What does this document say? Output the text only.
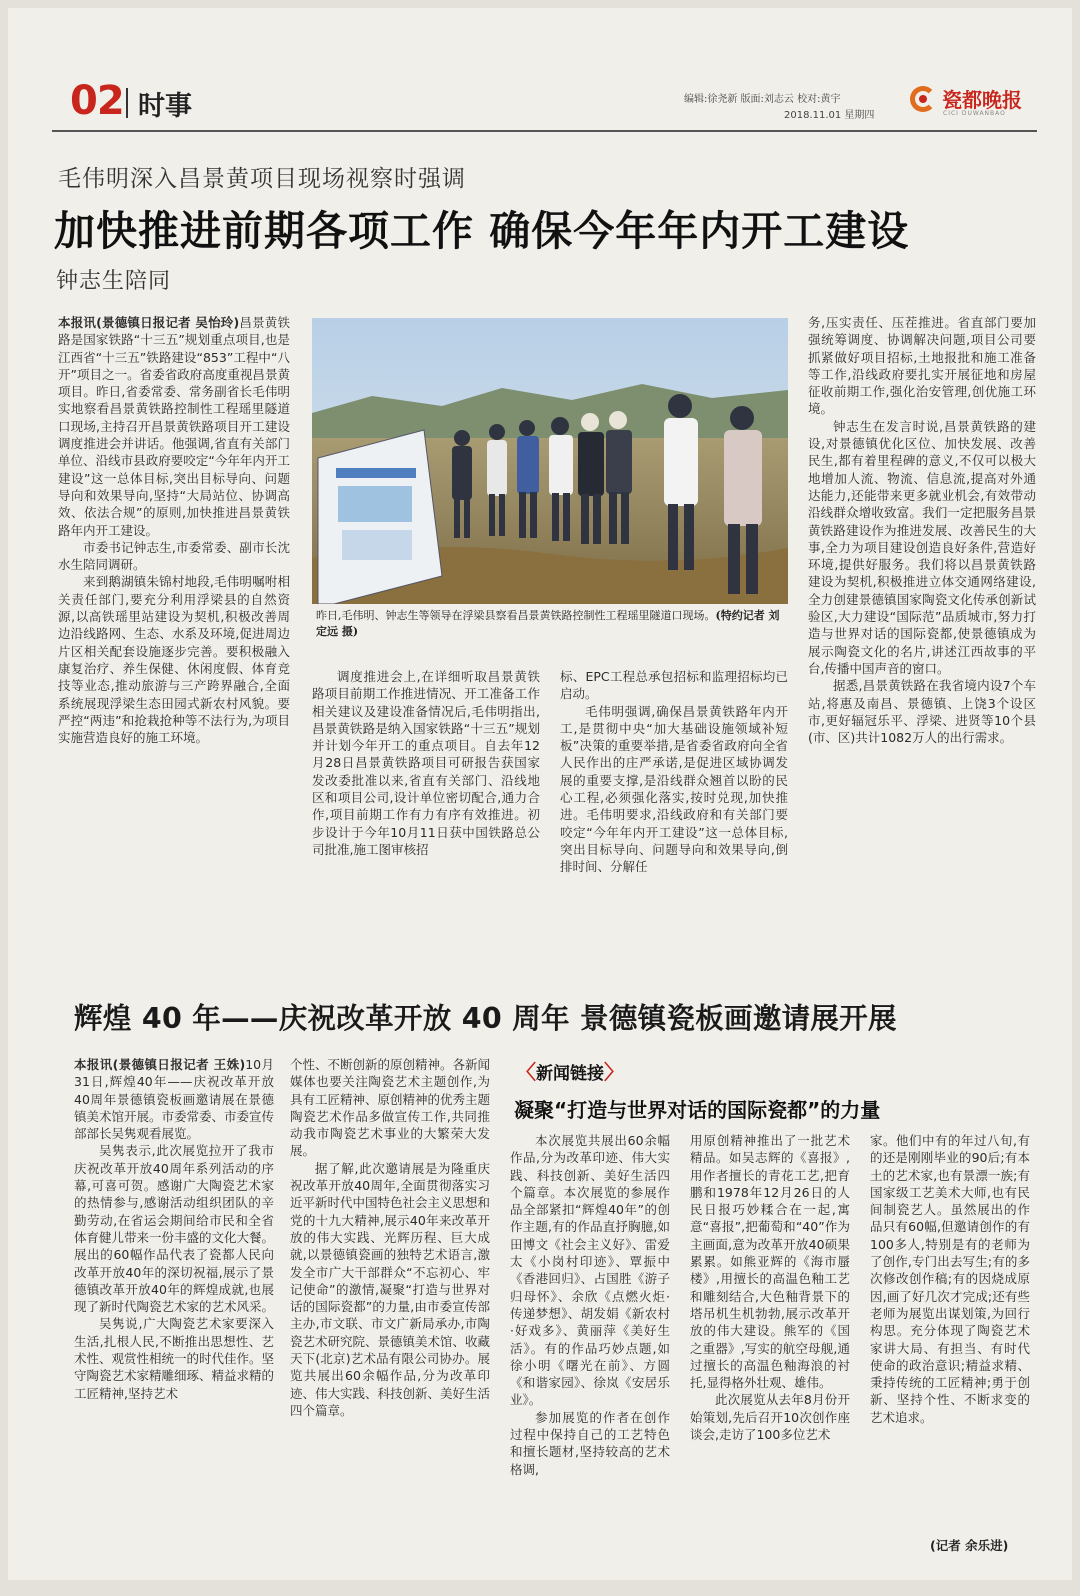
02 时事	编辑:徐尧新 版面:刘志云 校对:黄宇
2018.11.01 星期四
瓷都晚报
CICI DUWANBAO
毛伟明深入昌景黄项目现场视察时强调
加快推进前期各项工作 确保今年年内开工建设
钟志生陪同

本报讯(景德镇日报记者 吴怡玲)昌景黄铁路是国家铁路“十三五”规划重点项目,也是江西省“十三五”铁路建设“853”工程中“八开”项目之一。省委省政府高度重视昌景黄项目。昨日,省委常委、常务副省长毛伟明实地察看昌景黄铁路控制性工程瑶里隧道口现场,主持召开昌景黄铁路项目开工建设调度推进会并讲话。他强调,省直有关部门单位、沿线市县政府要咬定“今年年内开工建设”这一总体目标,突出目标导向、问题导向和效果导向,坚持“大局站位、协调高效、依法合规”的原则,加快推进昌景黄铁路年内开工建设。

市委书记钟志生,市委常委、副市长沈水生陪同调研。

来到鹅湖镇朱锦村地段,毛伟明嘱咐相关责任部门,要充分利用浮梁县的自然资源,以高铁瑶里站建设为契机,积极改善周边沿线路网、生态、水系及环境,促进周边片区相关配套设施逐步完善。要积极融入康复治疗、养生保健、休闲度假、体育竞技等业态,推动旅游与三产跨界融合,全面系统展现浮梁生态田园式新农村风貌。要严控“两违”和抢栽抢种等不法行为,为项目实施营造良好的施工环境。

昨日,毛伟明、钟志生等领导在浮梁县察看昌景黄铁路控制性工程瑶里隧道口现场。(特约记者 刘定远 摄)

调度推进会上,在详细听取昌景黄铁路项目前期工作推进情况、开工准备工作相关建议及建设准备情况后,毛伟明指出,昌景黄铁路是纳入国家铁路“十三五”规划并计划今年开工的重点项目。自去年12月28日昌景黄铁路项目可研报告获国家发改委批准以来,省直有关部门、沿线地区和项目公司,设计单位密切配合,通力合作,项目前期工作有力有序有效推进。初步设计于今年10月11日获中国铁路总公司批准,施工图审核招

标、EPC工程总承包招标和监理招标均已启动。

毛伟明强调,确保昌景黄铁路年内开工,是贯彻中央“加大基础设施领域补短板”决策的重要举措,是省委省政府向全省人民作出的庄严承诺,是促进区域协调发展的重要支撑,是沿线群众翘首以盼的民心工程,必须强化落实,按时兑现,加快推进。毛伟明要求,沿线政府和有关部门要咬定“今年年内开工建设”这一总体目标,突出目标导向、问题导向和效果导向,倒排时间、分解任

务,压实责任、压茬推进。省直部门要加强统筹调度、协调解决问题,项目公司要抓紧做好项目招标,土地报批和施工准备等工作,沿线政府要扎实开展征地和房屋征收前期工作,强化治安管理,创优施工环境。

钟志生在发言时说,昌景黄铁路的建设,对景德镇优化区位、加快发展、改善民生,都有着里程碑的意义,不仅可以极大地增加人流、物流、信息流,提高对外通达能力,还能带来更多就业机会,有效带动沿线群众增收致富。我们一定把服务昌景黄铁路建设作为推进发展、改善民生的大事,全力为项目建设创造良好条件,营造好环境,提供好服务。我们将以昌景黄铁路建设为契机,积极推进立体交通网络建设,全力创建景德镇国家陶瓷文化传承创新试验区,大力建设“国际范”品质城市,努力打造与世界对话的国际瓷都,使景德镇成为展示陶瓷文化的名片,讲述江西故事的平台,传播中国声音的窗口。

据悉,昌景黄铁路在我省境内设7个车站,将惠及南昌、景德镇、上饶3个设区市,更好辐冠乐平、浮梁、进贤等10个县(市、区)共计1082万人的出行需求。

辉煌 40 年——庆祝改革开放 40 周年 景德镇瓷板画邀请展开展

本报讯(景德镇日报记者 王姝)10月31日,辉煌40年——庆祝改革开放40周年景德镇瓷板画邀请展在景德镇美术馆开展。市委常委、市委宣传部部长吴隽观看展览。

吴隽表示,此次展览拉开了我市庆祝改革开放40周年系列活动的序幕,可喜可贺。感谢广大陶瓷艺术家的热情参与,感谢活动组织团队的辛勤劳动,在省运会期间给市民和全省体育健儿带来一份丰盛的文化大餐。展出的60幅作品代表了瓷都人民向改革开放40年的深切祝福,展示了景德镇改革开放40年的辉煌成就,也展现了新时代陶瓷艺术家的艺术风采。

吴隽说,广大陶瓷艺术家要深入生活,扎根人民,不断推出思想性、艺术性、观赏性相统一的时代佳作。坚守陶瓷艺术家精雕细琢、精益求精的工匠精神,坚持艺术

个性、不断创新的原创精神。各新闻媒体也要关注陶瓷艺术主题创作,为具有工匠精神、原创精神的优秀主题陶瓷艺术作品多做宣传工作,共同推动我市陶瓷艺术事业的大繁荣大发展。

据了解,此次邀请展是为隆重庆祝改革开放40周年,全面贯彻落实习近平新时代中国特色社会主义思想和党的十九大精神,展示40年来改革开放的伟大实践、光辉历程、巨大成就,以景德镇瓷画的独特艺术语言,激发全市广大干部群众“不忘初心、牢记使命”的激情,凝聚“打造与世界对话的国际瓷都”的力量,由市委宣传部主办,市文联、市文广新局承办,市陶瓷艺术研究院、景德镇美术馆、收藏天下(北京)艺术品有限公司协办。展览共展出60余幅作品,分为改革印迹、伟大实践、科技创新、美好生活四个篇章。

〈新闻链接〉
凝聚“打造与世界对话的国际瓷都”的力量

本次展览共展出60余幅作品,分为改革印迹、伟大实践、科技创新、美好生活四个篇章。本次展览的参展作品全部紧扣“辉煌40年”的创作主题,有的作品直抒胸臆,如田博文《社会主义好》、雷爱太《小岗村印迹》、覃振中《香港回归》、占国胜《游子归母怀》、余欣《点燃火炬·传递梦想》、胡发娟《新农村·好戏多》、黄丽萍《美好生活》。有的作品巧妙点题,如徐小明《曙光在前》、方圆《和谐家园》、徐岚《安居乐业》。

参加展览的作者在创作过程中保持自己的工艺特色和擅长题材,坚持较高的艺术格调,

用原创精神推出了一批艺术精品。如吴志辉的《喜报》,用作者擅长的青花工艺,把育鹏和1978年12月26日的人民日报巧妙糅合在一起,寓意“喜报”,把葡萄和“40”作为主画面,意为改革开放40硕果累累。如熊亚辉的《海市蜃楼》,用擅长的高温色釉工艺和雕刻结合,大色釉背景下的塔吊机生机勃勃,展示改革开放的伟大建设。熊军的《国之重器》,写实的航空母舰,通过擅长的高温色釉海浪的衬托,显得格外壮观、雄伟。

此次展览从去年8月份开始策划,先后召开10次创作座谈会,走访了100多位艺术

家。他们中有的年过八旬,有的还是刚刚毕业的90后;有本土的艺术家,也有景漂一族;有国家级工艺美术大师,也有民间制瓷艺人。虽然展出的作品只有60幅,但邀请创作的有100多人,特别是有的老师为了创作,专门出去写生;有的多次修改创作稿;有的因烧成原因,画了好几次才完成;还有些老师为展览出谋划策,为回行构思。充分体现了陶瓷艺术家讲大局、有担当、有时代使命的政治意识;精益求精、秉持传统的工匠精神;勇于创新、坚持个性、不断求变的艺术追求。

(记者 余乐进)
